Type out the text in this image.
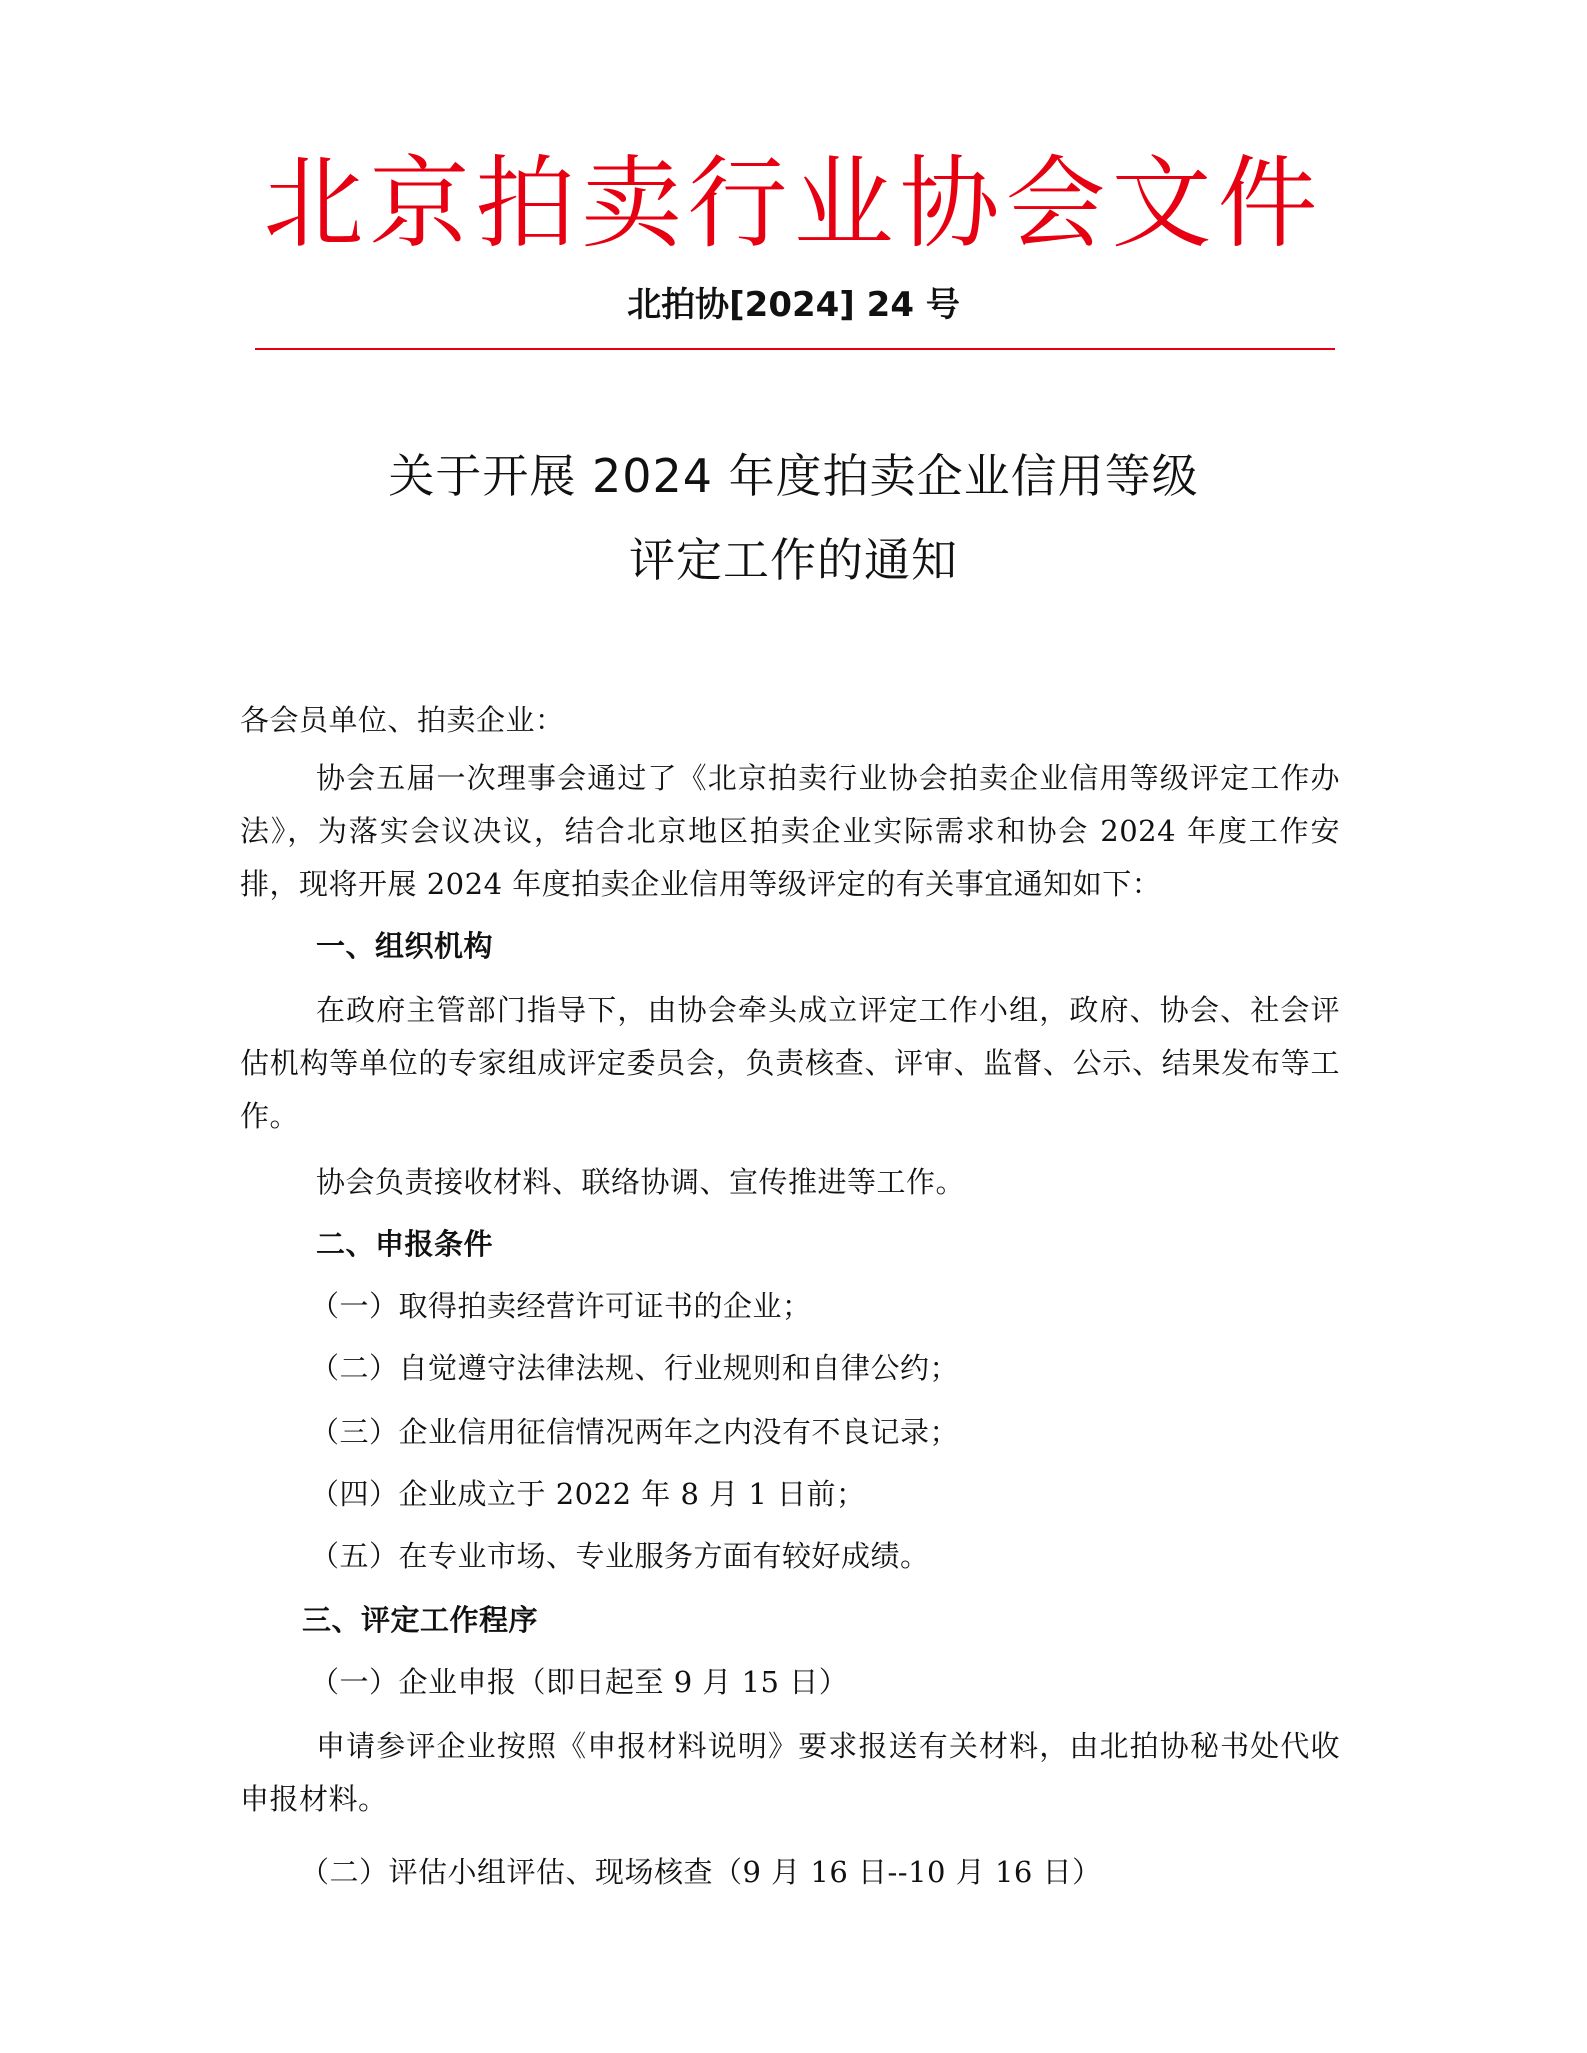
北京拍卖行业协会文件
北拍协[2024] 24 号
关于开展 2024 年度拍卖企业信用等级
评定工作的通知

各会员单位、拍卖企业：

协会五届一次理事会通过了《北京拍卖行业协会拍卖企业信用等级评定工作办法》，为落实会议决议，结合北京地区拍卖企业实际需求和协会 2024 年度工作安排，现将开展 2024 年度拍卖企业信用等级评定的有关事宜通知如下：

一、组织机构

在政府主管部门指导下，由协会牵头成立评定工作小组，政府、协会、社会评估机构等单位的专家组成评定委员会，负责核查、评审、监督、公示、结果发布等工作。

协会负责接收材料、联络协调、宣传推进等工作。

二、申报条件

（一）取得拍卖经营许可证书的企业；

（二）自觉遵守法律法规、行业规则和自律公约；

（三）企业信用征信情况两年之内没有不良记录；

（四）企业成立于 2022 年 8 月 1 日前；

（五）在专业市场、专业服务方面有较好成绩。

三、评定工作程序

（一）企业申报（即日起至 9 月 15 日）

申请参评企业按照《申报材料说明》要求报送有关材料，由北拍协秘书处代收申报材料。

（二）评估小组评估、现场核查（9 月 16 日--10 月 16 日）
